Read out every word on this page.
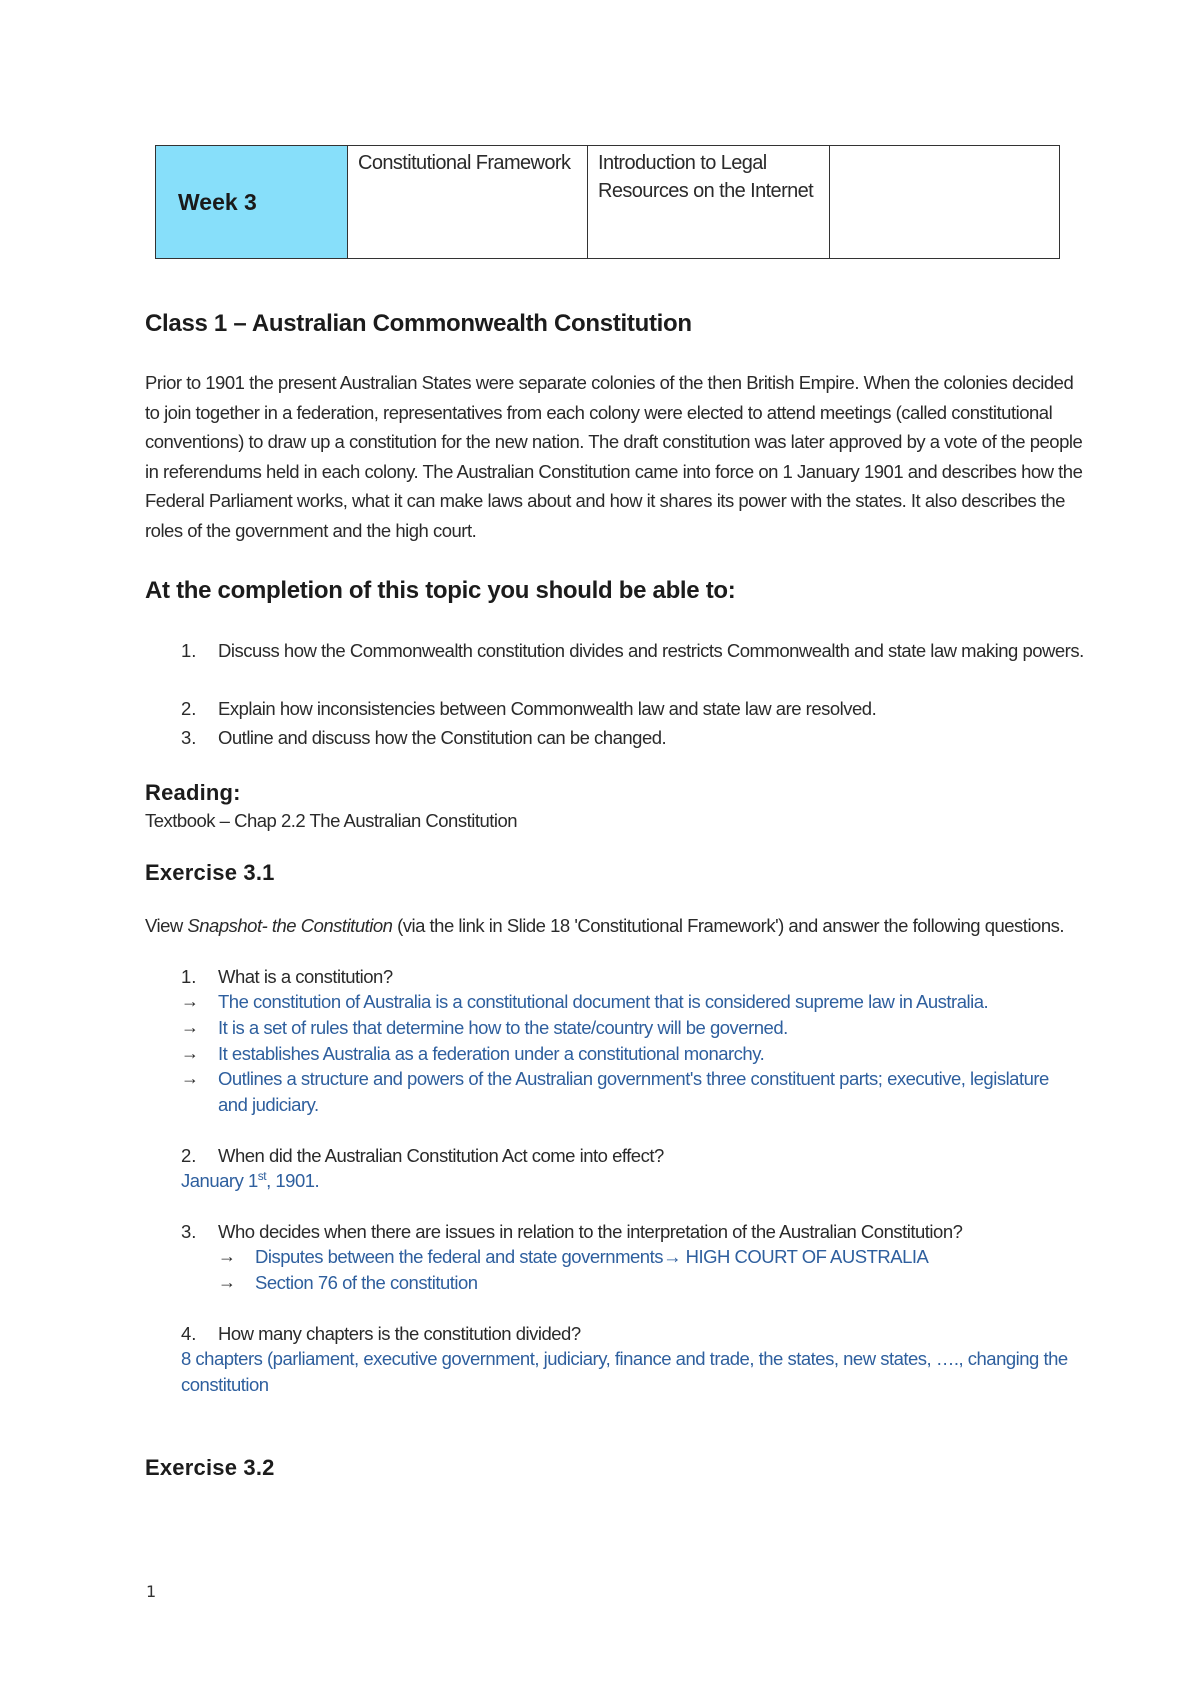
Week 3	Constitutional Framework	Introduction to Legal Resources on the Internet	
Class 1 – Australian Commonwealth Constitution
Prior to 1901 the present Australian States were separate colonies of the then British Empire. When the colonies decided to join together in a federation, representatives from each colony were elected to attend meetings (called constitutional conventions) to draw up a constitution for the new nation. The draft constitution was later approved by a vote of the people in referendums held in each colony. The Australian Constitution came into force on 1 January 1901 and describes how the Federal Parliament works, what it can make laws about and how it shares its power with the states. It also describes the roles of the government and the high court.
At the completion of this topic you should be able to:
1. Discuss how the Commonwealth constitution divides and restricts Commonwealth and state law making powers.
2. Explain how inconsistencies between Commonwealth law and state law are resolved.
3. Outline and discuss how the Constitution can be changed.
Reading:
Textbook – Chap 2.2 The Australian Constitution
Exercise 3.1
View Snapshot- the Constitution (via the link in Slide 18 'Constitutional Framework') and answer the following questions.
1. What is a constitution?
→ The constitution of Australia is a constitutional document that is considered supreme law in Australia.
→ It is a set of rules that determine how to the state/country will be governed.
→ It establishes Australia as a federation under a constitutional monarchy.
→ Outlines a structure and powers of the Australian government's three constituent parts; executive, legislature
and judiciary.
2. When did the Australian Constitution Act come into effect?
January 1st, 1901.
3. Who decides when there are issues in relation to the interpretation of the Australian Constitution?
→ Disputes between the federal and state governments→ HIGH COURT OF AUSTRALIA
→ Section 76 of the constitution
4. How many chapters is the constitution divided?
8 chapters (parliament, executive government, judiciary, finance and trade, the states, new states, …., changing the
constitution
Exercise 3.2
1
